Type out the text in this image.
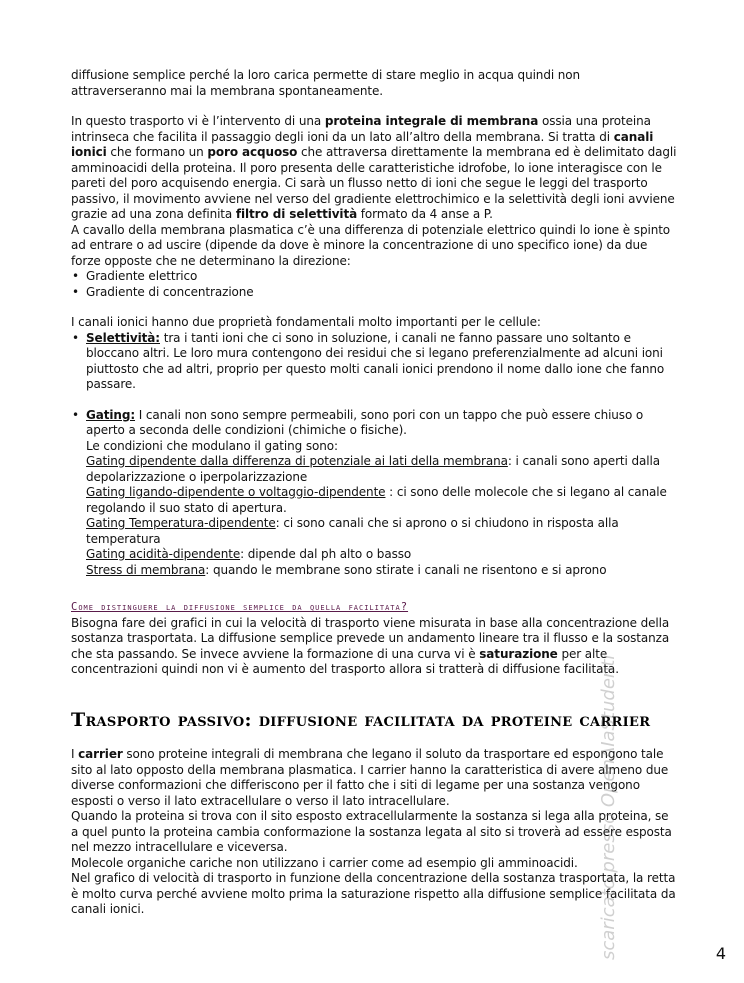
diffusione semplice perché la loro carica permette di stare meglio in acqua quindi non attraverseranno mai la membrana spontaneamente.

In questo trasporto vi è l’intervento di una proteina integrale di membrana ossia una proteina intrinseca che facilita il passaggio degli ioni da un lato all’altro della membrana. Si tratta di canali ionici che formano un poro acquoso che attraversa direttamente la membrana ed è delimitato dagli amminoacidi della proteina. Il poro presenta delle caratteristiche idrofobe, lo ione interagisce con le pareti del poro acquisendo energia. Ci sarà un flusso netto di ioni che segue le leggi del trasporto passivo, il movimento avviene nel verso del gradiente elettrochimico e la selettività degli ioni avviene grazie ad una zona definita filtro di selettività formato da 4 anse a P.

A cavallo della membrana plasmatica c’è una differenza di potenziale elettrico quindi lo ione è spinto ad entrare o ad uscire (dipende da dove è minore la concentrazione di uno specifico ione) da due forze opposte che ne determinano la direzione:

• Gradiente elettrico
• Gradiente di concentrazione

I canali ionici hanno due proprietà fondamentali molto importanti per le cellule:

• Selettività: tra i tanti ioni che ci sono in soluzione, i canali ne fanno passare uno soltanto e bloccano altri. Le loro mura contengono dei residui che si legano preferenzialmente ad alcuni ioni piuttosto che ad altri, proprio per questo molti canali ionici prendono il nome dallo ione che fanno passare.
• Gating: I canali non sono sempre permeabili, sono pori con un tappo che può essere chiuso o aperto a seconda delle condizioni (chimiche o fisiche).

Le condizioni che modulano il gating sono:

Gating dipendente dalla differenza di potenziale ai lati della membrana: i canali sono aperti dalla depolarizzazione o iperpolarizzazione

Gating ligando-dipendente o voltaggio-dipendente : ci sono delle molecole che si legano al canale regolando il suo stato di apertura.

Gating Temperatura-dipendente: ci sono canali che si aprono o si chiudono in risposta alla temperatura

Gating acidità-dipendente: dipende dal ph alto o basso

Stress di membrana: quando le membrane sono stirate i canali ne risentono e si aprono

Come distinguere la diffusione semplice da quella facilitata?

Bisogna fare dei grafici in cui la velocità di trasporto viene misurata in base alla concentrazione della sostanza trasportata. La diffusione semplice prevede un andamento lineare tra il flusso e la sostanza che sta passando. Se invece avviene la formazione di una curva vi è saturazione per alte concentrazioni quindi non vi è aumento del trasporto allora si tratterà di diffusione facilitata.

Trasporto passivo: diffusione facilitata da proteine carrier

I carrier sono proteine integrali di membrana che legano il soluto da trasportare ed espongono tale sito al lato opposto della membrana plasmatica. I carrier hanno la caratteristica di avere almeno due diverse conformazioni che differiscono per il fatto che i siti di legame per una sostanza vengono esposti o verso il lato extracellulare o verso il lato intracellulare.

Quando la proteina si trova con il sito esposto extracellularmente la sostanza si lega alla proteina, se a quel punto la proteina cambia conformazione la sostanza legata al sito si troverà ad essere esposta nel mezzo intracellulare e viceversa.

Molecole organiche cariche non utilizzano i carrier come ad esempio gli amminoacidi.

Nel grafico di velocità di trasporto in funzione della concentrazione della sostanza trasportata, la retta è molto curva perché avviene molto prima la saturazione rispetto alla diffusione semplice facilitata da canali ionici.	scaricato presso OpenAIaStudenti	4
